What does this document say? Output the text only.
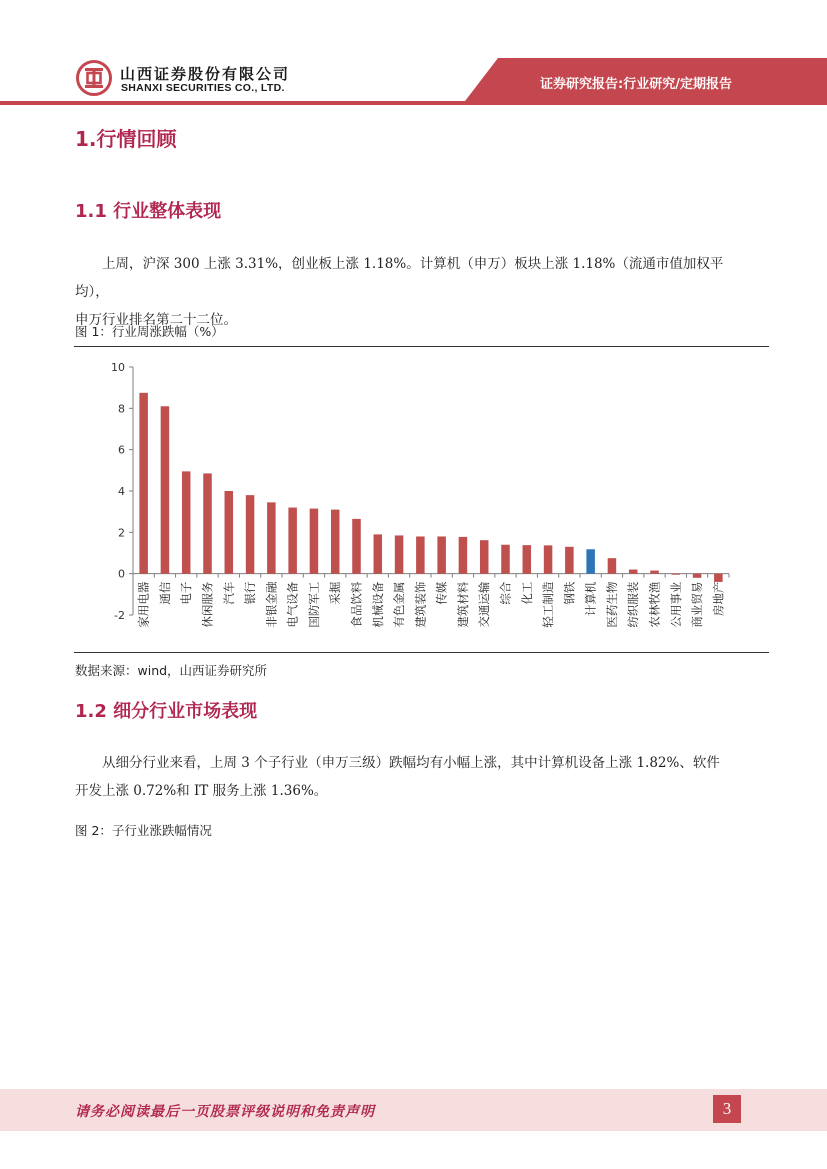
山西证券股份有限公司
SHANXI SECURITIES CO., LTD.	证券研究报告:行业研究/定期报告
1.行情回顾
1.1 行业整体表现

上周，沪深 300 上涨 3.31%，创业板上涨 1.18%。计算机（申万）板块上涨 1.18%（流通市值加权平均），

申万行业排名第二十二位。

图 1：行业周涨跌幅（%）
-2
0
2
4
6
8
10
家用电器 通信 电子 休闲服务 汽车 银行 非银金融 电气设备 国防军工 采掘 食品饮料 机械设备 有色金属 建筑装饰 传媒 建筑材料 交通运输 综合 化工 轻工制造 钢铁 计算机 医药生物 纺织服装 农林牧渔 公用事业 商业贸易 房地产
数据来源：wind，山西证券研究所
1.2 细分行业市场表现

从细分行业来看，上周 3 个子行业（申万三级）跌幅均有小幅上涨，其中计算机设备上涨 1.82%、软件

开发上涨 0.72%和 IT 服务上涨 1.36%。

图 2：子行业涨跌幅情况
请务必阅读最后一页股票评级说明和免责声明	3
